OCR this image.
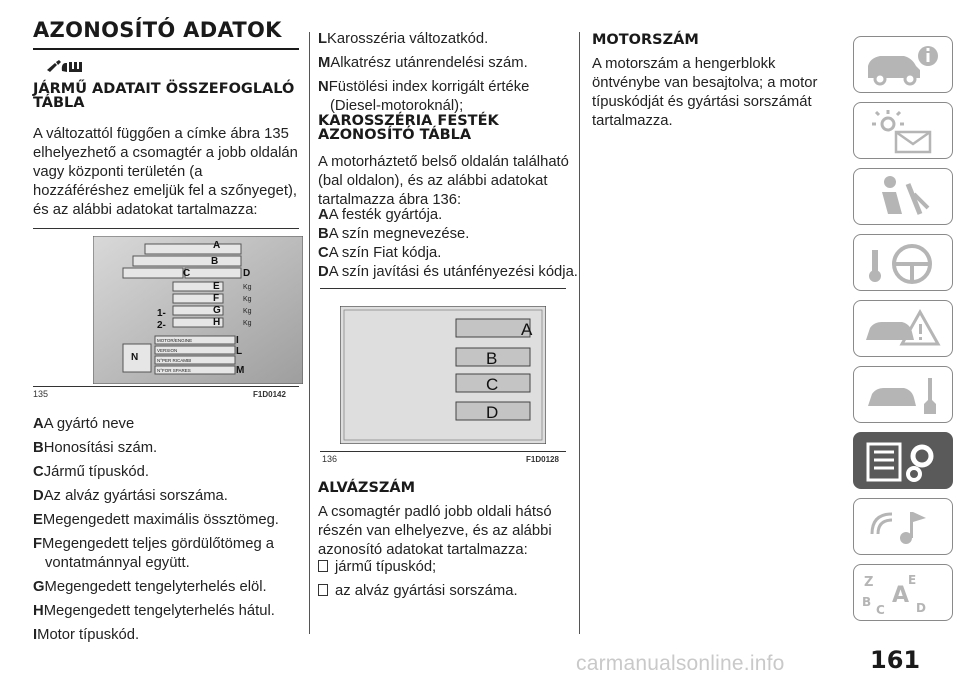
AZONOSÍTÓ ADATOK

JÁRMŰ ADATAIT ÖSSZEFOGLALÓ TÁBLA

A változattól függően a címke ábra 135 elhelyezhető a csomagtér a jobb oldalán vagy központi területén (a hozzáféréshez emeljük fel a szőnyeget), és az alábbi adatokat tartalmazza:

A
B
C	D
E
F
G
H
I
L
M
N
1-
2-
Kg
Kg
Kg
Kg
MOTOR/ENGINE
VERSION
N°PER RICAMBI
N°FOR SPARES
135	F1D0142

AA gyártó neve

BHonosítási szám.

CJármű típuskód.

DAz alváz gyártási sorszáma.

EMegengedett maximális össztömeg.

FMegengedett teljes gördülőtömeg a vontatmánnyal együtt.

GMegengedett tengelyterhelés elöl.

HMegengedett tengelyterhelés hátul.

IMotor típuskód.

LKarosszéria változatkód.

MAlkatrész utánrendelési szám.

NFüstölési index korrigált értéke (Diesel-motoroknál);

KAROSSZÉRIA FESTÉK AZONOSÍTÓ TÁBLA

A motorháztető belső oldalán található (bal oldalon), és az alábbi adatokat tartalmazza ábra 136:

AA festék gyártója.

BA szín megnevezése.

CA szín Fiat kódja.

DA szín javítási és utánfényezési kódja.

A
B
C
D
136	F1D0128

ALVÁZSZÁM

A csomagtér padló jobb oldali hátsó részén van elhelyezve, és az alábbi azonosító adatokat tartalmazza:

jármű típuskód;

az alváz gyártási sorszáma.

MOTORSZÁM

A motorszám a hengerblokk öntvénybe van besajtolva; a motor típuskódját és gyártási sorszámát tartalmazza.

Z	E
B
C
A D
161
carmanualsonline.info
